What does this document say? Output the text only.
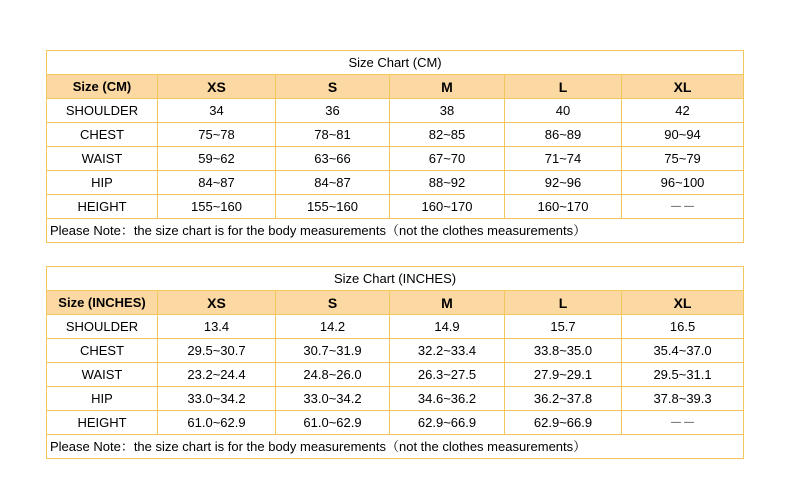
Size Chart (CM)					
Size (CM)	XS	S	M	L	XL
SHOULDER	34	36	38	40	42
CHEST	75~78	78~81	82~85	86~89	90~94
WAIST	59~62	63~66	67~70	71~74	75~79
HIP	84~87	84~87	88~92	92~96	96~100
HEIGHT	155~160	155~160	160~170	160~170	－－
Please Note：the size chart is for the body measurements（not the clothes measurements）					
Size Chart (INCHES)					
Size (INCHES)	XS	S	M	L	XL
SHOULDER	13.4	14.2	14.9	15.7	16.5
CHEST	29.5~30.7	30.7~31.9	32.2~33.4	33.8~35.0	35.4~37.0
WAIST	23.2~24.4	24.8~26.0	26.3~27.5	27.9~29.1	29.5~31.1
HIP	33.0~34.2	33.0~34.2	34.6~36.2	36.2~37.8	37.8~39.3
HEIGHT	61.0~62.9	61.0~62.9	62.9~66.9	62.9~66.9	－－
Please Note：the size chart is for the body measurements（not the clothes measurements）					
